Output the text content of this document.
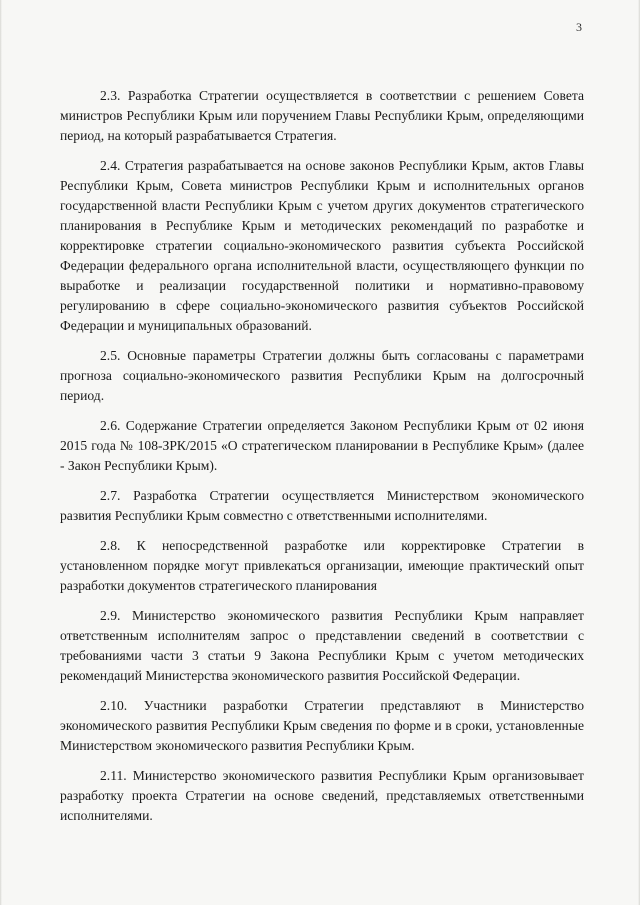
3

2.3. Разработка Стратегии осуществляется в соответствии с решением Совета министров Республики Крым или поручением Главы Республики Крым, определяющими период, на который разрабатывается Стратегия.

2.4. Стратегия разрабатывается на основе законов Республики Крым, актов Главы Республики Крым, Совета министров Республики Крым и исполнительных органов государственной власти Республики Крым с учетом других документов стратегического планирования в Республике Крым и методических рекомендаций по разработке и корректировке стратегии социально-экономического развития субъекта Российской Федерации федерального органа исполнительной власти, осуществляющего функции по выработке и реализации государственной политики и нормативно-правовому регулированию в сфере социально-экономического развития субъектов Российской Федерации и муниципальных образований.

2.5. Основные параметры Стратегии должны быть согласованы с параметрами прогноза социально-экономического развития Республики Крым на долгосрочный период.

2.6. Содержание Стратегии определяется Законом Республики Крым от 02 июня 2015 года № 108-ЗРК/2015 «О стратегическом планировании в Республике Крым» (далее - Закон Республики Крым).

2.7. Разработка Стратегии осуществляется Министерством экономического развития Республики Крым совместно с ответственными исполнителями.

2.8. К непосредственной разработке или корректировке Стратегии в установленном порядке могут привлекаться организации, имеющие практический опыт разработки документов стратегического планирования

2.9. Министерство экономического развития Республики Крым направляет ответственным исполнителям запрос о представлении сведений в соответствии с требованиями части 3 статьи 9 Закона Республики Крым с учетом методических рекомендаций Министерства экономического развития Российской Федерации.

2.10. Участники разработки Стратегии представляют в Министерство экономического развития Республики Крым сведения по форме и в сроки, установленные Министерством экономического развития Республики Крым.

2.11. Министерство экономического развития Республики Крым организовывает разработку проекта Стратегии на основе сведений, представляемых ответственными исполнителями.
